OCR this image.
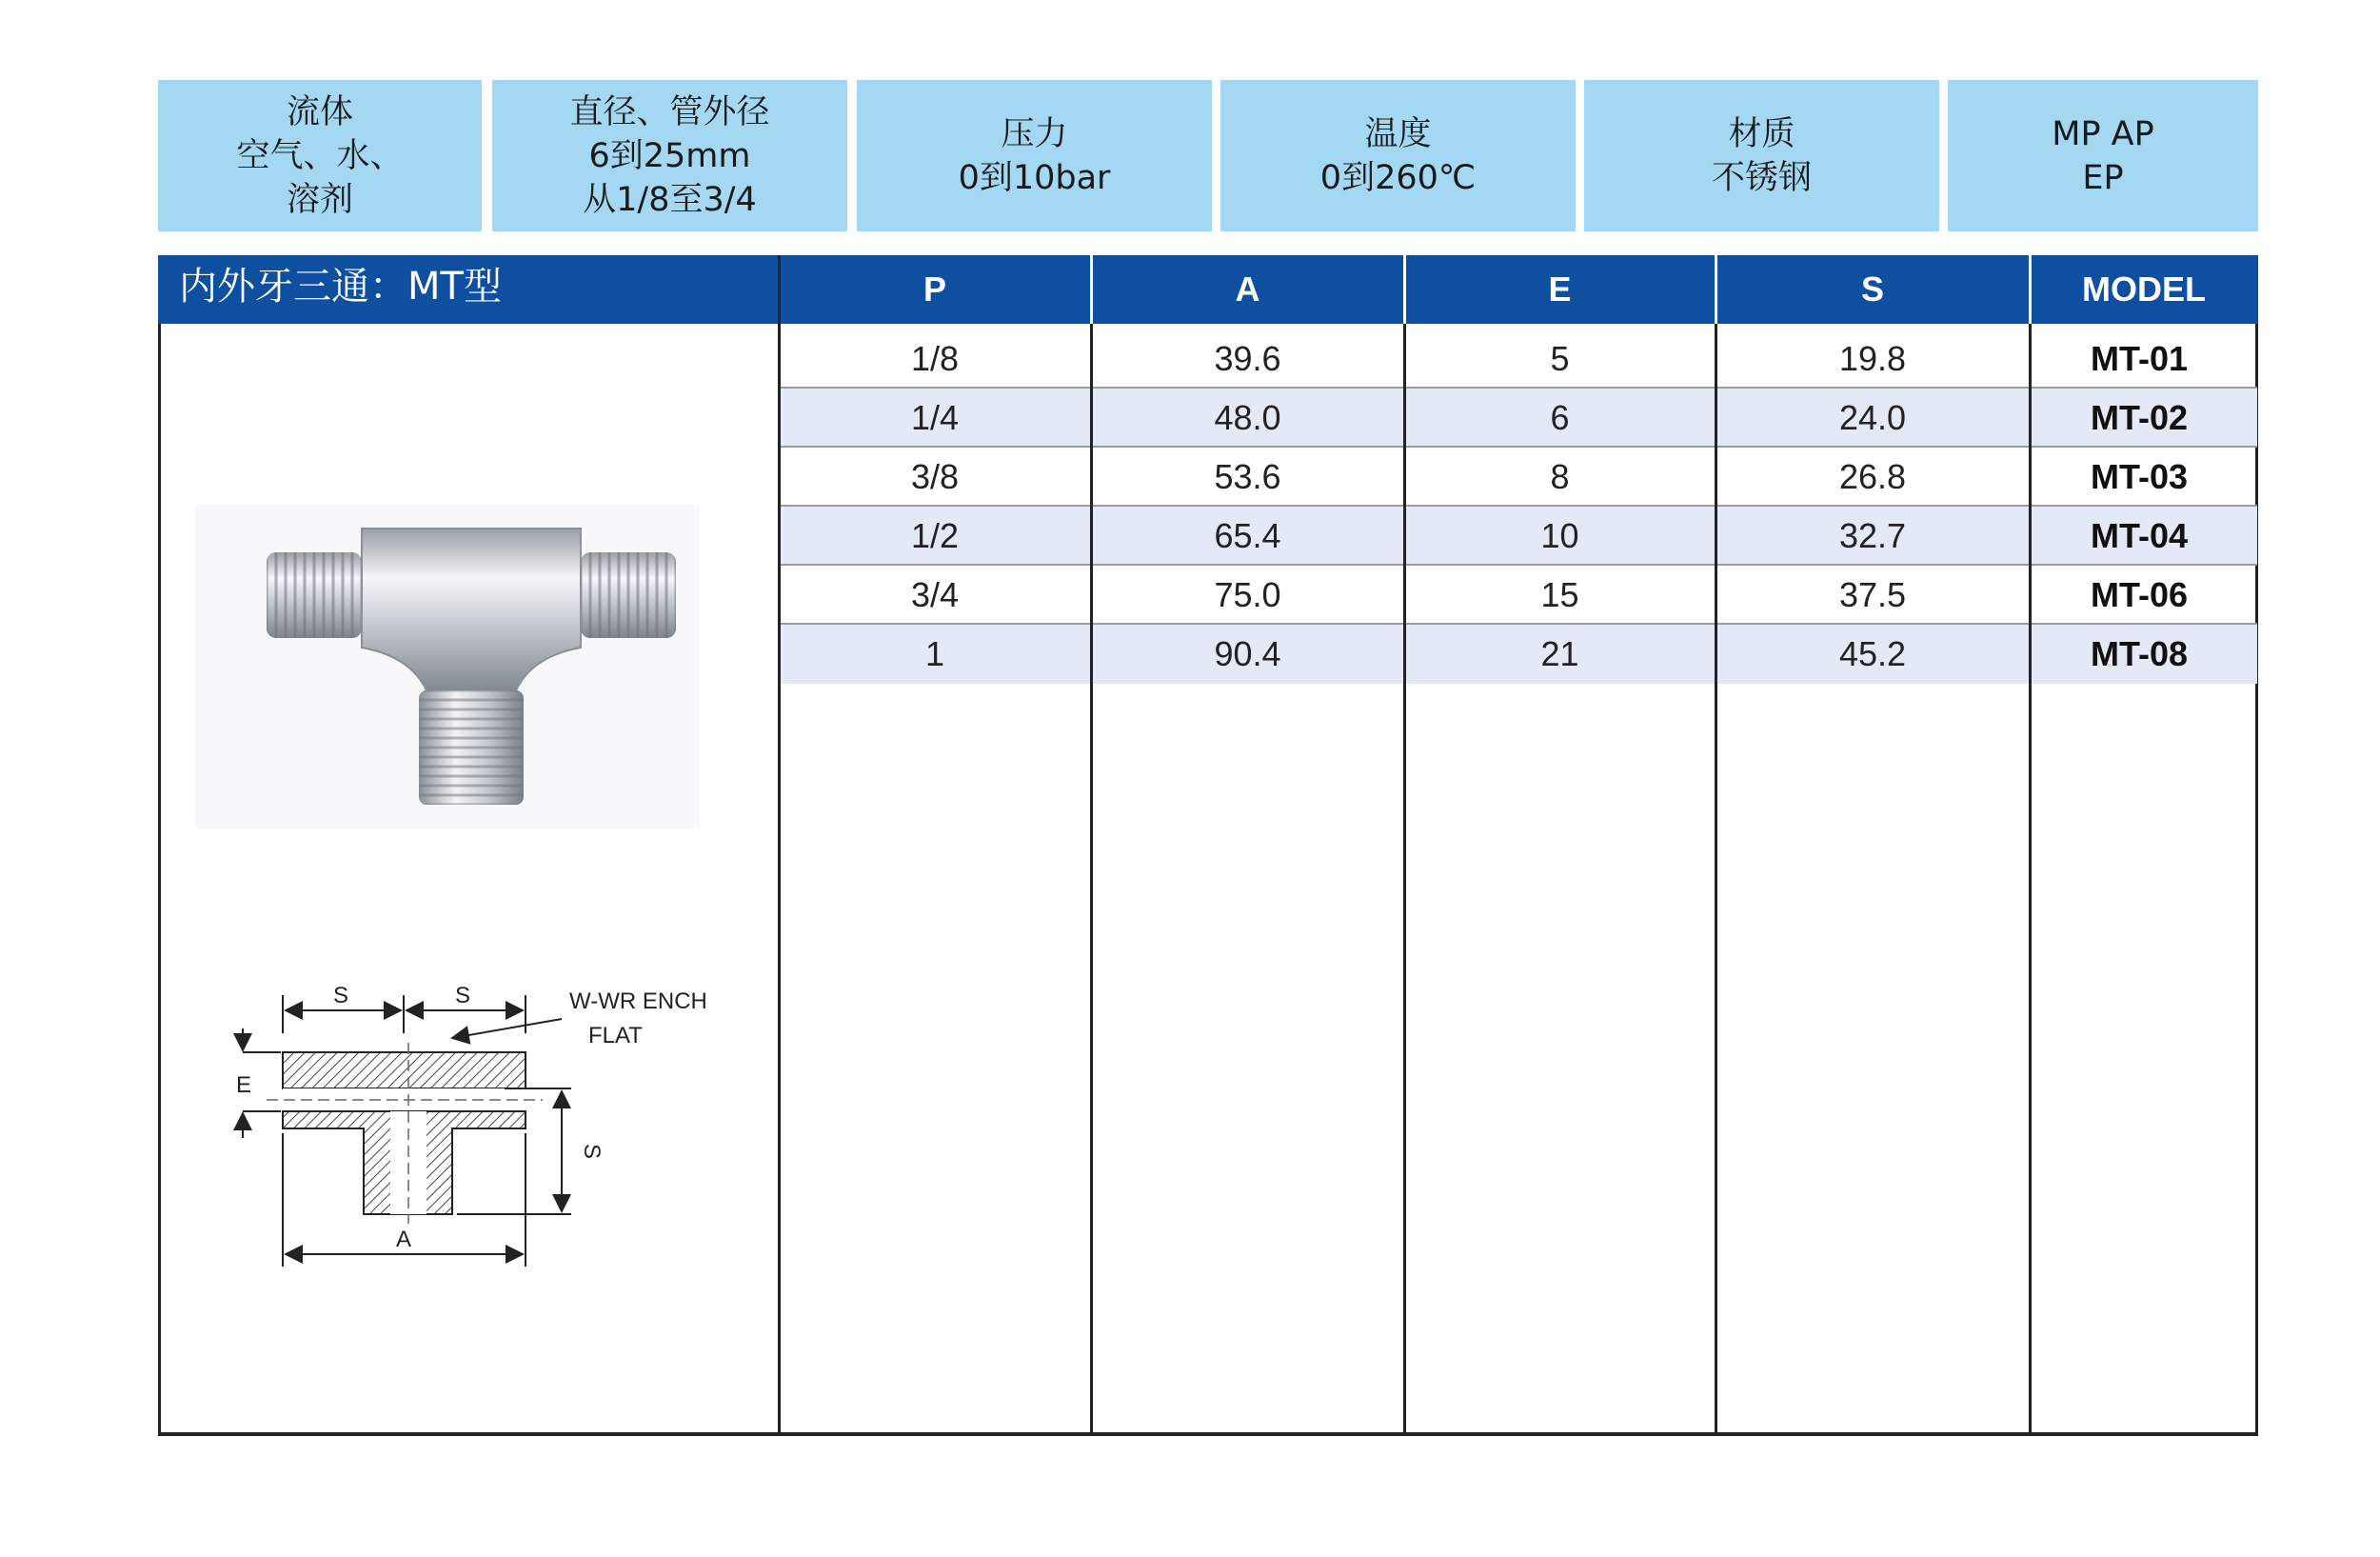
流体
空气、水、
溶剂
直径、管外径
6到25mm
从1/8至3/4
压力
0到10bar
温度
0到260℃
材质
不锈钢
MP AP
EP
内外牙三通：MT型	P	A	E	S	MODEL
1/8	39.6	5	19.8	MT-01
1/4	48.0	6	24.0	MT-02
3/8	53.6	8	26.8	MT-03
1/2	65.4	10	32.7	MT-04
3/4	75.0	15	37.5	MT-06
1	90.4	21	45.2	MT-08
S	S	W-WR ENCH
FLAT
E
S
A
